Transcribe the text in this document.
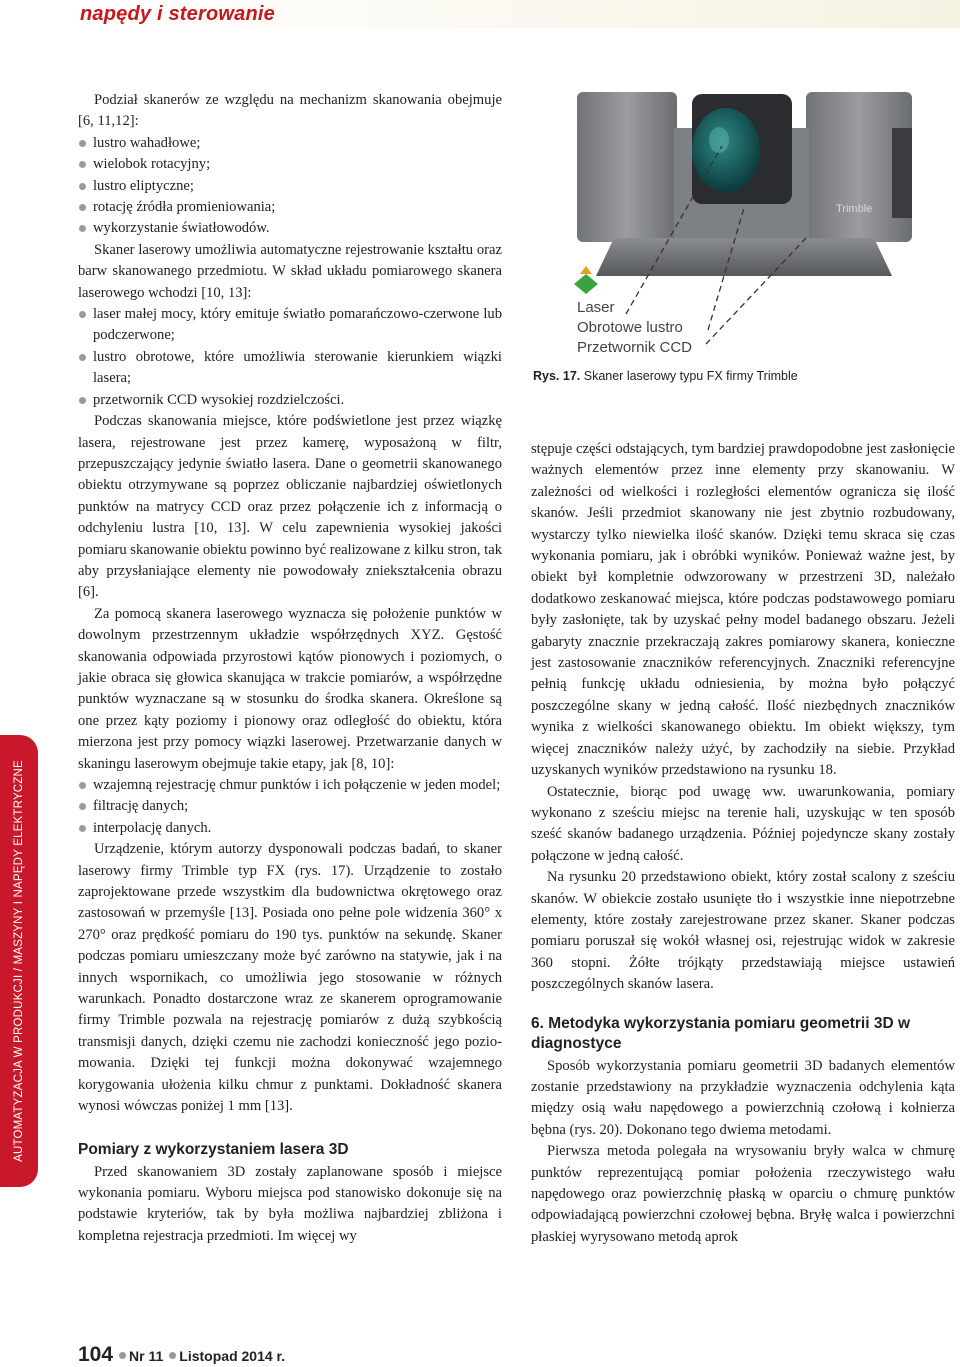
napędy i sterowanie
AUTOMATYZACJA W PRODUKCJI / MASZYNY I NAPĘDY ELEKTRYCZNE

Podział skanerów ze względu na mechanizm skanowania obejmuje [6, 11,12]:

lustro wahadłowe;
wielobok rotacyjny;
lustro eliptyczne;
rotację źródła promieniowania;
wykorzystanie światłowodów.

Skaner laserowy umożliwia automatyczne rejestrowanie kształtu oraz barw skanowanego przedmiotu. W skład układu pomiarowego skanera laserowego wchodzi [10, 13]:

laser małej mocy, który emituje światło pomarańczowo-czerwone lub podczerwone;
lustro obrotowe, które umożliwia sterowanie kierunkiem wiązki lasera;
przetwornik CCD wysokiej rozdzielczości.

Podczas skanowania miejsce, które podświetlone jest przez wiązkę lasera, rejestrowane jest przez kamerę, wyposażoną w filtr, przepuszczający jedynie światło lasera. Dane o geometrii skanowanego obiektu otrzymywane są poprzez obliczanie najbardziej oświetlonych punktów na matrycy CCD oraz przez połączenie ich z informacją o odchyleniu lustra [10, 13]. W celu zapewnienia wysokiej jakości pomiaru skanowanie obiektu powinno być realizowane z kilku stron, tak aby przysłaniające elementy nie powodowały zniekształcenia obrazu [6].

Za pomocą skanera laserowego wyznacza się położenie punktów w dowolnym przestrzennym układzie współrzędnych XYZ. Gęstość skanowania odpowiada przyrostowi kątów pionowych i poziomych, o jakie obraca się głowica skanująca w trakcie pomiarów, a współrzędne punktów wyznaczane są w stosunku do środka skanera. Określone są one przez kąty poziomy i pionowy oraz odległość do obiektu, która mierzona jest przy pomocy wiązki laserowej. Przetwarzanie danych w skaningu laserowym obejmuje takie etapy, jak [8, 10]:

wzajemną rejestrację chmur punktów i ich połączenie w jeden model;
filtrację danych;
interpolację danych.

Urządzenie, którym autorzy dysponowali podczas badań, to skaner laserowy firmy Trimble typ FX (rys. 17). Urządzenie to zostało zaprojektowane przede wszystkim dla budownictwa okrętowego oraz zastosowań w przemyśle [13]. Posiada ono pełne pole widzenia 360° x 270° oraz prędkość pomiaru do 190 tys. punktów na sekundę. Skaner podczas pomiaru umieszczany może być zarówno na statywie, jak i na innych wspornikach, co umożliwia jego stosowanie w różnych warunkach. Ponadto dostarczone wraz ze skanerem oprogramowanie firmy Trimble pozwala na rejestrację pomiarów z dużą szybkością transmisji danych, dzięki czemu nie zachodzi konieczność jego poziomowania. Dzięki tej funkcji można dokonywać wzajemnego korygowania ułożenia kilku chmur z punktami. Dokładność skanera wynosi wówczas poniżej 1 mm [13].

Pomiary z wykorzystaniem lasera 3D

Przed skanowaniem 3D zostały zaplanowane sposób i miejsce wykonania pomiaru. Wyboru miejsca pod stanowisko dokonuje się na podstawie kryteriów, tak by była możliwa najbardziej zbliżona i kompletna rejestracja przedmioti. Im więcej wy

Trimble
Laser
Obrotowe lustro
Przetwornik CCD
Rys. 17. Skaner laserowy typu FX firmy Trimble

stępuje części odstających, tym bardziej prawdopodobne jest zasłonięcie ważnych elementów przez inne elementy przy skanowaniu. W zależności od wielkości i rozległości elementów ogranicza się ilość skanów. Jeśli przedmiot skanowany nie jest zbytnio rozbudowany, wystarczy tylko niewielka ilość skanów. Dzięki temu skraca się czas wykonania pomiaru, jak i obróbki wyników. Ponieważ ważne jest, by obiekt był kompletnie odwzorowany w przestrzeni 3D, należało dodatkowo zeskanować miejsca, które podczas podstawowego pomiaru były zasłonięte, tak by uzyskać pełny model badanego obszaru. Jeżeli gabaryty znacznie przekraczają zakres pomiarowy skanera, konieczne jest zastosowanie znaczników referencyjnych. Znaczniki referencyjne pełnią funkcję układu odniesienia, by można było połączyć poszczególne skany w jedną całość. Ilość niezbędnych znaczników wynika z wielkości skanowanego obiektu. Im obiekt większy, tym więcej znaczników należy użyć, by zachodziły na siebie. Przykład uzyskanych wyników przedstawiono na rysunku 18.

Ostatecznie, biorąc pod uwagę ww. uwarunkowania, pomiary wykonano z sześciu miejsc na terenie hali, uzyskując w ten sposób sześć skanów badanego urządzenia. Później pojedyncze skany zostały połączone w jedną całość.

Na rysunku 20 przedstawiono obiekt, który został scalony z sześciu skanów. W obiekcie zostało usunięte tło i wszystkie inne niepotrzebne elementy, które zostały zarejestrowane przez skaner. Skaner podczas pomiaru poruszał się wokół własnej osi, rejestrując widok w zakresie 360 stopni. Żółte trójkąty przedstawiają miejsce ustawień poszczególnych skanów lasera.

6. Metodyka wykorzystania pomiaru geometrii 3D w diagnostyce

Sposób wykorzystania pomiaru geometrii 3D badanych elementów zostanie przedstawiony na przykładzie wyznaczenia odchylenia kąta między osią wału napędowego a powierzchnią czołową i kołnierza bębna (rys. 20). Dokonano tego dwiema metodami.

Pierwsza metoda polegała na wrysowaniu bryły walca w chmurę punktów reprezentującą pomiar położenia rzeczywistego wału napędowego oraz powierzchnię płaską w oparciu o chmurę punktów odpowiadającą powierzchni czołowej bębna. Bryłę walca i powierzchni płaskiej wyrysowano metodą aprok

104 Nr 11 Listopad 2014 r.
